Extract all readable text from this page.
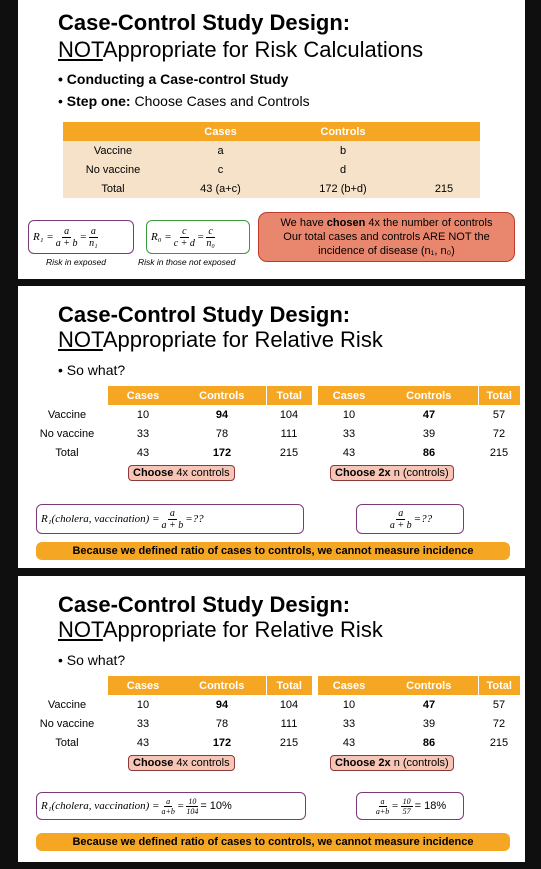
Case-Control Study Design:
NOTAppropriate for Risk Calculations
• Conducting a Case-control Study
• Step one: Choose Cases and Controls
	Cases	Controls	
Vaccine	a	b	
No vaccine	c	d	
Total	43 (a+c)	172 (b+d)	215
$R_1 = \frac{a}{a + b} = \frac{a}{\text{n₁}}$
Risk in exposed
$R_0 = \frac{c}{c + d} = \frac{c}{\text{n₀}}$
Risk in those not exposed
We have chosen 4x the number of controls
Our total cases and controls ARE NOT the
incidence of disease (n₁, n₀)
Case-Control Study Design:
NOTAppropriate for Relative Risk
• So what?
	Cases	Controls	Total
Vaccine	10	94	104
No vaccine	33	78	111
Total	43	172	215
Cases	Controls	Total
10	47	57
33	39	72
43	86	215
Choose 4x controls	Choose 2x n (controls)
R₁(cholera, vaccination) = $\frac{a}{a + b}$ =??	$\frac{a}{a + b}$ =??
Because we defined ratio of cases to controls, we cannot measure incidence
Case-Control Study Design:
NOTAppropriate for Relative Risk
• So what?
	Cases	Controls	Total
Vaccine	10	94	104
No vaccine	33	78	111
Total	43	172	215
Cases	Controls	Total
10	47	57
33	39	72
43	86	215
Choose 4x controls	Choose 2x n (controls)
R₁(cholera, vaccination) = $\frac{a}{a+b} = \frac{10}{104} = 10\%$	$\frac{a}{a+b} = \frac{10}{57} = 18\%$
Because we defined ratio of cases to controls, we cannot measure incidence
